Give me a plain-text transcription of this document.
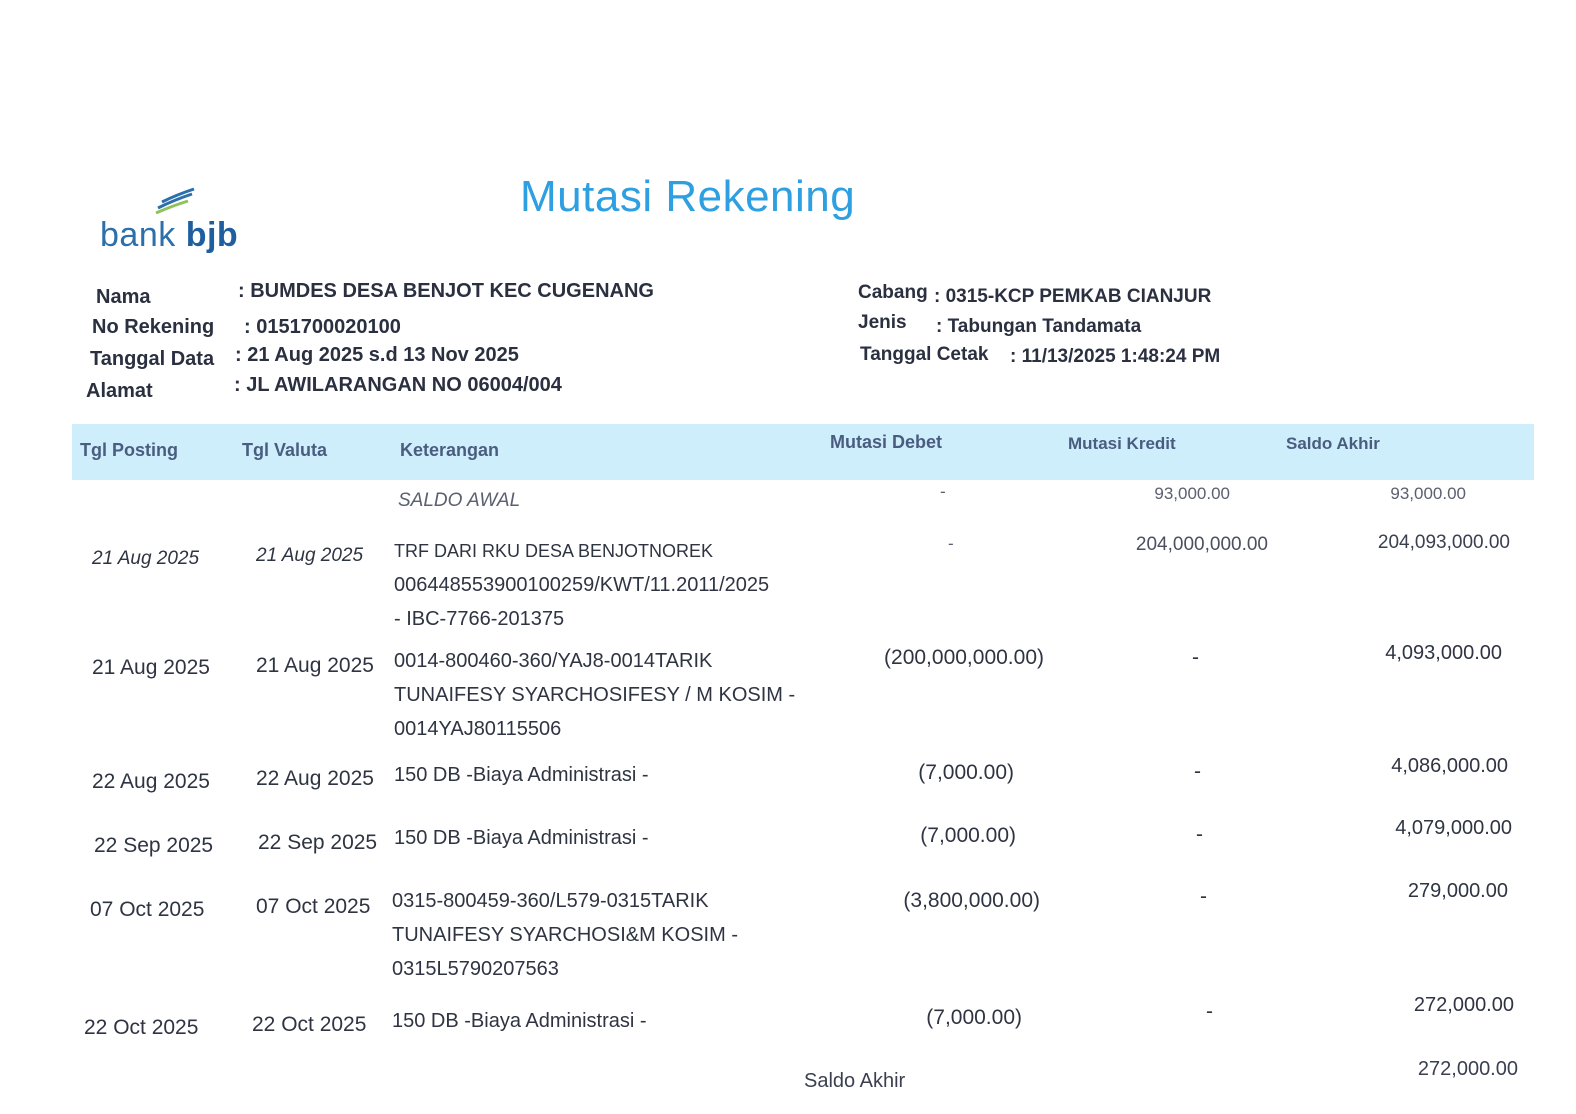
bank bjb
Mutasi Rekening
Nama	: BUMDES DESA BENJOT KEC CUGENANG
No Rekening : 0151700020100
Tanggal Data : 21 Aug 2025 s.d 13 Nov 2025
Alamat	: JL AWILARANGAN NO 06004/004
Cabang : 0315-KCP PEMKAB CIANJUR
Jenis : Tabungan Tandamata
Tanggal Cetak : 11/13/2025 1:48:24 PM
Tgl Posting	Tgl Valuta	Keterangan	Mutasi Debet	Mutasi Kredit	Saldo Akhir
SALDO AWAL	-	93,000.00	93,000.00
21 Aug 2025	21 Aug 2025 TRF DARI RKU DESA BENJOTNOREK
00644855390010025​9/KWT/11.2011/2025
- IBC-7766-201375
-	204,000,000.00	204,093,000.00
21 Aug 2025 21 Aug 2025 0014-800460-360/YAJ8-0014TARIK
TUNAIFESY SYARCHOSIFESY / M KOSIM -
0014YAJ80115506
(200,000,000.00)	-	4,093,000.00
22 Aug 2025 22 Aug 2025 150 DB -Biaya Administrasi -	(7,000.00)	-	4,086,000.00
22 Sep 2025 22 Sep 2025 150 DB -Biaya Administrasi -	(7,000.00)	-	4,079,000.00
07 Oct 2025 07 Oct 2025 0315-800459-360/L579-0315TARIK
TUNAIFESY SYARCHOSI&M KOSIM -
0315L5790207563
(3,800,000.00)	-	279,000.00
22 Oct 2025	22 Oct 2025 150 DB -Biaya Administrasi -	(7,000.00)	-	272,000.00
Saldo Akhir
272,000.00
